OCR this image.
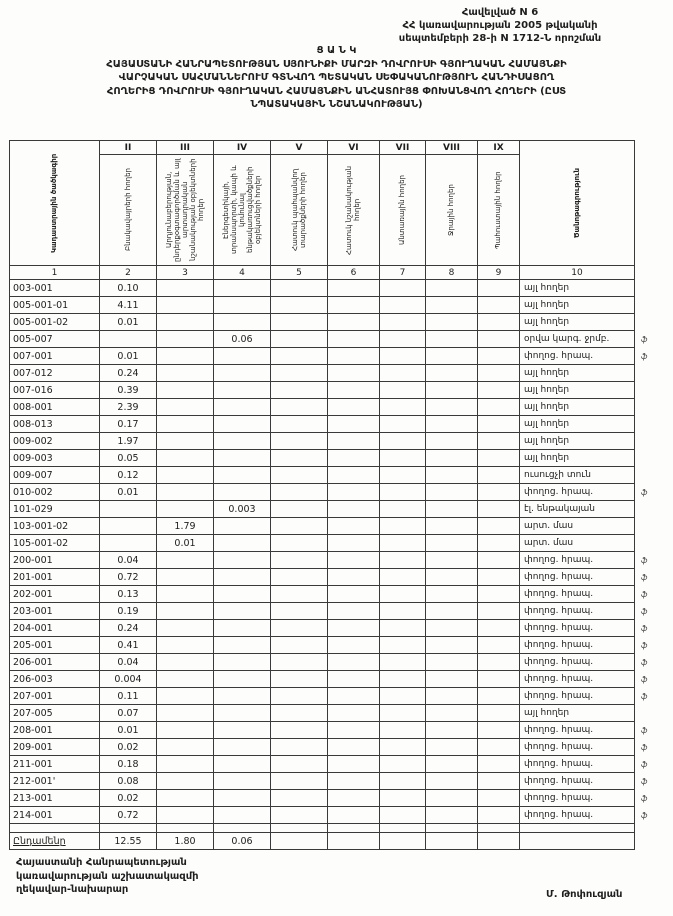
Հավելված N 6
ՀՀ կառավարության 2005 թվականի
սեպտեմբերի 28-ի N 1712-Ն որոշման
Ց Ա Ն Կ
ՀԱՅԱՍՏԱՆԻ ՀԱՆՐԱՊԵՏՈՒԹՅԱՆ ՍՅՈՒՆԻՔԻ ՄԱՐԶԻ ԴՈՎՐՈՒՍԻ ԳՅՈՒՂԱԿԱՆ ՀԱՄԱՅՆՔԻ
ՎԱՐՉԱԿԱՆ ՍԱՀՄԱՆՆԵՐՈՒՄ ԳՏՆՎՈՂ ՊԵՏԱԿԱՆ ՍԵՓԱԿԱՆՈՒԹՅՈՒՆ ՀԱՆԴԻՍԱՑՈՂ
ՀՈՂԵՐԻՑ ԴՈՎՐՈՒՍԻ ԳՅՈՒՂԱԿԱՆ ՀԱՄԱՅՆՔԻՆ ԱՆՀԱՏՈՒՅՑ ՓՈԽԱՆՑՎՈՂ ՀՈՂԵՐԻ (ԸՍՏ
ՆՊԱՏԱԿԱՅԻՆ ՆՇԱՆԱԿՈՒԹՅԱՆ)
Կադաստրային ծածկագիր	II	III	IV	V	VI	VII	VIII	IX	Ծանոթագրություն	

	Բնակավայրերի հողեր	Արդյունաբերության, ընդերքօգտագործման և այլ արտադրական նշանակության օբյեկտների հողեր	Էներգետիկայի, տրանսպորտի, կապի և կոմունալ ենթակառուցվածքների օբյեկտների հողեր	Հատուկ պահպանվող տարածքների հողեր	Հատուկ նշանակության հողեր	Անտառային հողեր	Ջրային հողեր	Պահուստային հողեր		

1	2	3	4	5	6	7	8	9	10	
003-001	0.10								այլ հողեր	
005-001-01	4.11								այլ հողեր	
005-001-02	0.01								այլ հողեր	
005-007			0.06						օրվա կարգ. ջրմբ.	ֆ
007-001	0.01								փողոց. հրապ.	ֆ
007-012	0.24								այլ հողեր	
007-016	0.39								այլ հողեր	
008-001	2.39								այլ հողեր	
008-013	0.17								այլ հողեր	
009-002	1.97								այլ հողեր	
009-003	0.05								այլ հողեր	
009-007	0.12								ուսուցչի տուն	
010-002	0.01								փողոց. հրապ.	ֆ
101-029			0.003						էլ. ենթակայան	
103-001-02		1.79							արտ. մաս	
105-001-02		0.01							արտ. մաս	
200-001	0.04								փողոց. հրապ.	ֆ
201-001	0.72								փողոց. հրապ.	ֆ
202-001	0.13								փողոց. հրապ.	ֆ
203-001	0.19								փողոց. հրապ.	ֆ
204-001	0.24								փողոց. հրապ.	ֆ
205-001	0.41								փողոց. հրապ.	ֆ
206-001	0.04								փողոց. հրապ.	ֆ
206-003	0.004								փողոց. հրապ.	ֆ
207-001	0.11								փողոց. հրապ.	ֆ
207-005	0.07								այլ հողեր	
208-001	0.01								փողոց. հրապ.	ֆ
209-001	0.02								փողոց. հրապ.	ֆ
211-001	0.18								փողոց. հրապ.	ֆ
212-001'	0.08								փողոց. հրապ.	ֆ
213-001	0.02								փողոց. հրապ.	ֆ
214-001	0.72								փողոց. հրապ.	ֆ

Ընդամենը	12.55	1.80	0.06							
Հայաստանի Հանրապետության
կառավարության աշխատակազմի
ղեկավար-նախարար	Մ. Թոփուզյան
